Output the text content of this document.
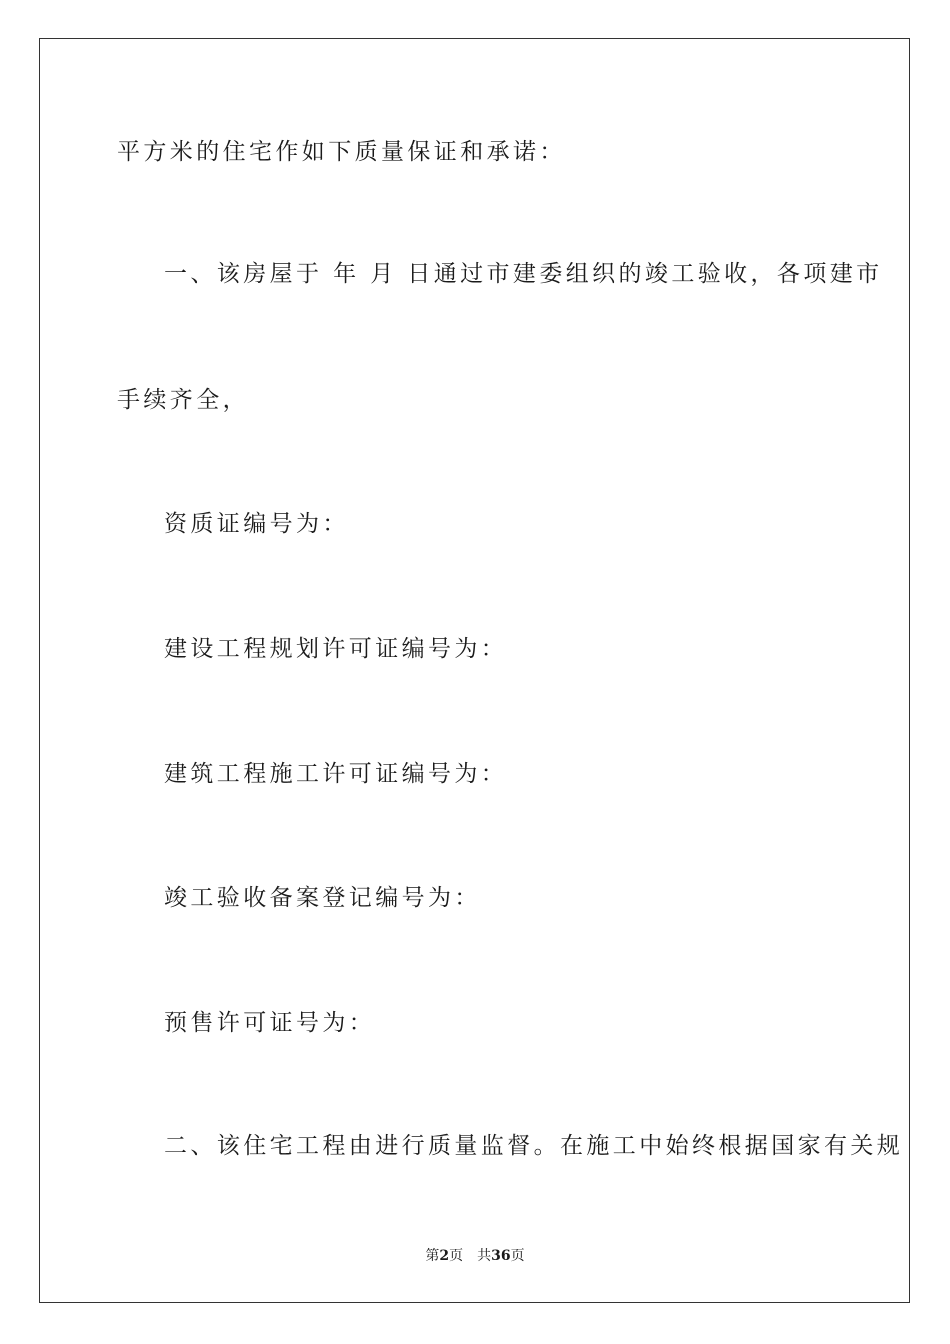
平方米的住宅作如下质量保证和承诺：
一、该房屋于 年 月 日通过市建委组织的竣工验收，各项建市
手续齐全，
资质证编号为：
建设工程规划许可证编号为：
建筑工程施工许可证编号为：
竣工验收备案登记编号为：
预售许可证号为：
二、该住宅工程由进行质量监督。在施工中始终根据国家有关规
第2页 共36页
